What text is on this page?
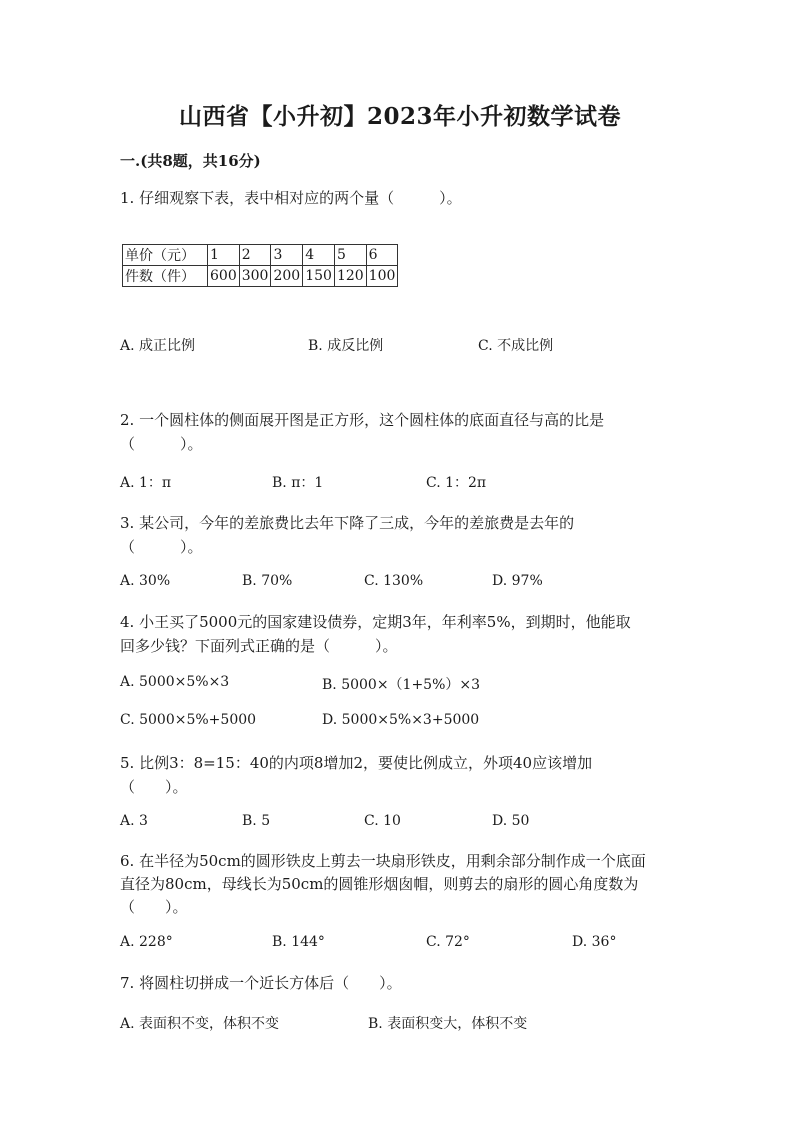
山西省【小升初】2023年小升初数学试卷
一.(共8题，共16分)
1. 仔细观察下表，表中相对应的两个量（　　　）。
单价（元）	1	2	3	4	5	6
件数（件）	600	300	200	150	120	100
A. 成正比例	B. 成反比例	C. 不成比例
2. 一个圆柱体的侧面展开图是正方形，这个圆柱体的底面直径与高的比是
（　　　）。
A. 1：π	B. π：1	C. 1：2π
3. 某公司，今年的差旅费比去年下降了三成，今年的差旅费是去年的
（　　　）。
A. 30%	B. 70%	C. 130%	D. 97%
4. 小王买了5000元的国家建设债券，定期3年，年利率5%，到期时，他能取
回多少钱？下面列式正确的是（　　　）。
A. 5000×5%×3	B. 5000×（1+5%）×3
C. 5000×5%+5000	D. 5000×5%×3+5000
5. 比例3：8=15：40的内项8增加2，要使比例成立，外项40应该增加
（　　）。
A. 3	B. 5	C. 10	D. 50
6. 在半径为50cm的圆形铁皮上剪去一块扇形铁皮，用剩余部分制作成一个底面
直径为80cm，母线长为50cm的圆锥形烟囱帽，则剪去的扇形的圆心角度数为
（　　）。
A. 228°	B. 144°	C. 72°	D. 36°
7. 将圆柱切拼成一个近长方体后（　　）。
A. 表面积不变，体积不变	B. 表面积变大，体积不变
